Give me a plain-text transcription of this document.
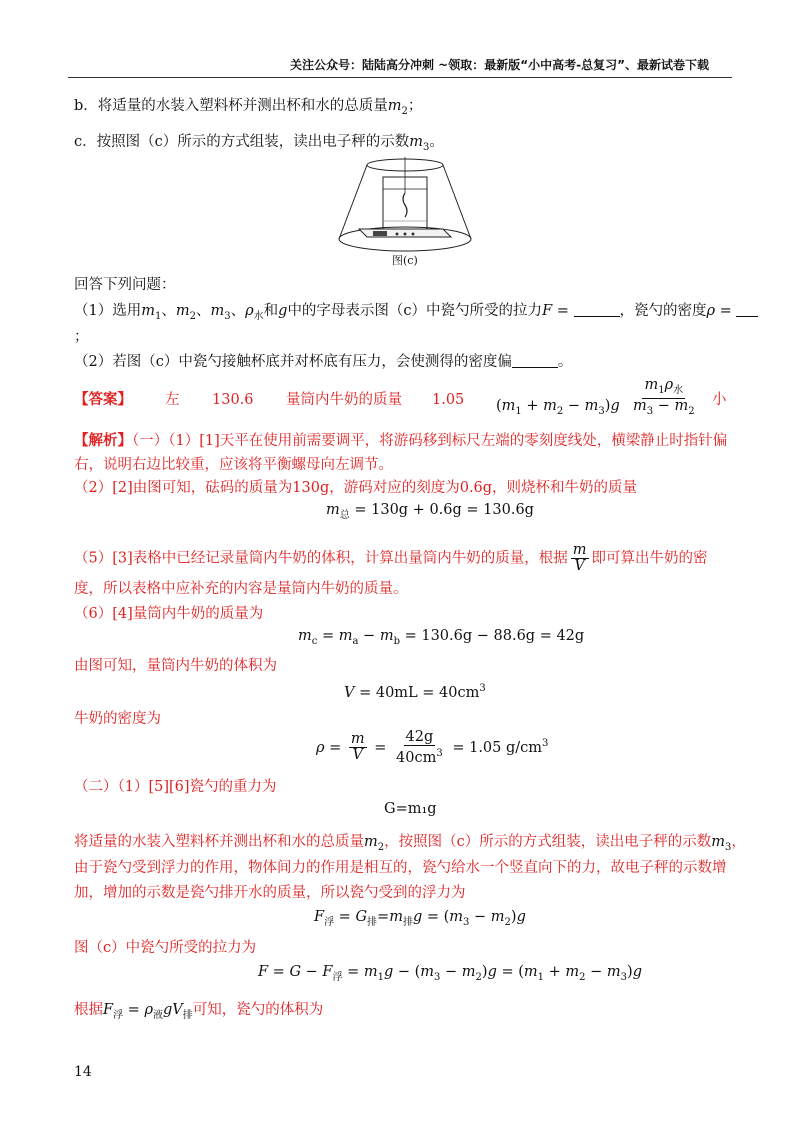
关注公众号：陆陆高分冲刺 ~领取：最新版“小中高考-总复习”、最新试卷下载
b．将适量的水装入塑料杯并测出杯和水的总质量$m_2$；
c．按照图（c）所示的方式组装，读出电子秤的示数$m_3$。
图(c)
回答下列问题：
（1）选用$m_1$、$m_2$、$m_3$、$\rho_水$和g中的字母表示图（c）中瓷勺所受的拉力F =	，瓷勺的密度ρ =
；
（2）若图（c）中瓷勺接触杯底并对杯底有压力，会使测得的密度偏	。
【答案】 左 130.6 量筒内牛奶的质量 1.05 $(m_1 + m_2 - m_3)g \frac{m_1\rho_水}{m_3 - m_2}$ 小
【解析】（一）（1）[1]天平在使用前需要调平，将游码移到标尺左端的零刻度线处，横梁静止时指针偏
右，说明右边比较重，应该将平衡螺母向左调节。
（2）[2]由图可知，砝码的质量为130g，游码对应的刻度为0.6g，则烧杯和牛奶的质量
$m_总 = 130g + 0.6g = 130.6g$
（5）[3]表格中已经记录量筒内牛奶的体积，计算出量筒内牛奶的质量，根据 $\frac{m}{V}$ 即可算出牛奶的密
度，所以表格中应补充的内容是量筒内牛奶的质量。
（6）[4]量筒内牛奶的质量为
$m_c = m_a - m_b = 130.6g - 88.6g = 42g$
由图可知，量筒内牛奶的体积为
$V = 40mL = 40cm^3$
牛奶的密度为
$\rho = \frac{m}{V} = \frac{42g}{40cm^3} = 1.05$ $g/cm^3$
（二）（1）[5][6]瓷勺的重力为
G=m₁g
将适量的水装入塑料杯并测出杯和水的总质量$m_2$，按照图（c）所示的方式组装，读出电子秤的示数$m_3$，
由于瓷勺受到浮力的作用，物体间力的作用是相互的，瓷勺给水一个竖直向下的力，故电子秤的示数增
加，增加的示数是瓷勺排开水的质量，所以瓷勺受到的浮力为
$F_浮 = G_排=m_排g = (m_3 - m_2)g$
图（c）中瓷勺所受的拉力为
$F = G - F_浮 = m_1g - (m_3 - m_2)g = (m_1 + m_2 - m_3)g$
根据$F_浮 = \rho_液gV_排$可知，瓷勺的体积为
14
